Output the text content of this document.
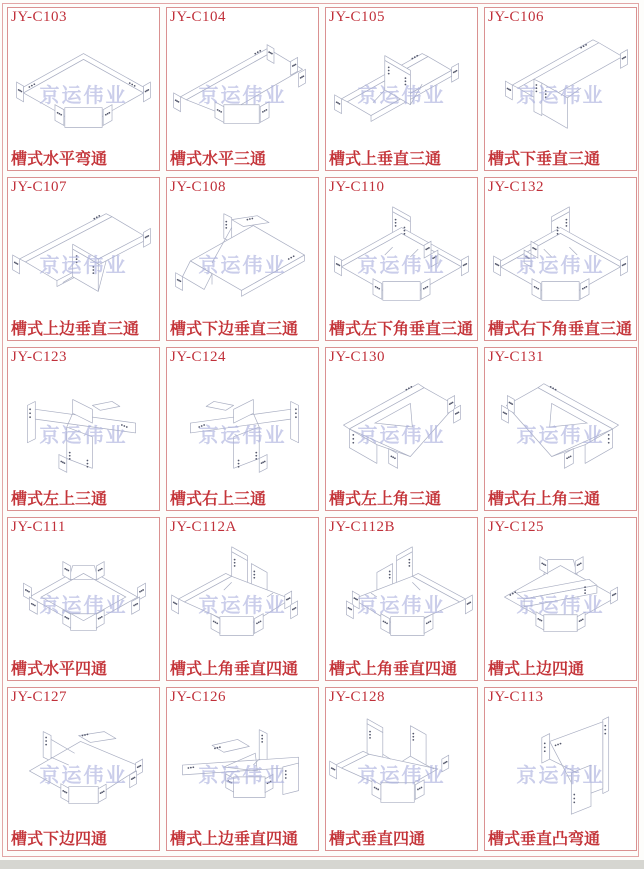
JY-C103
京运伟业
槽式水平弯通
JY-C104
京运伟业
槽式水平三通
JY-C105
京运伟业
槽式上垂直三通
JY-C106
京运伟业
槽式下垂直三通
JY-C107
京运伟业
槽式上边垂直三通
JY-C108
京运伟业
槽式下边垂直三通
JY-C110
京运伟业
槽式左下角垂直三通
JY-C132
京运伟业
槽式右下角垂直三通
JY-C123
京运伟业
槽式左上三通
JY-C124
京运伟业
槽式右上三通
JY-C130
京运伟业
槽式左上角三通
JY-C131
京运伟业
槽式右上角三通
JY-C111
京运伟业
槽式水平四通
JY-C112A
京运伟业
槽式上角垂直四通
JY-C112B
京运伟业
槽式上角垂直四通
JY-C125
京运伟业
槽式上边四通
JY-C127
京运伟业
槽式下边四通
JY-C126
京运伟业
槽式上边垂直四通
JY-C128
京运伟业
槽式垂直四通
JY-C113
京运伟业
槽式垂直凸弯通
